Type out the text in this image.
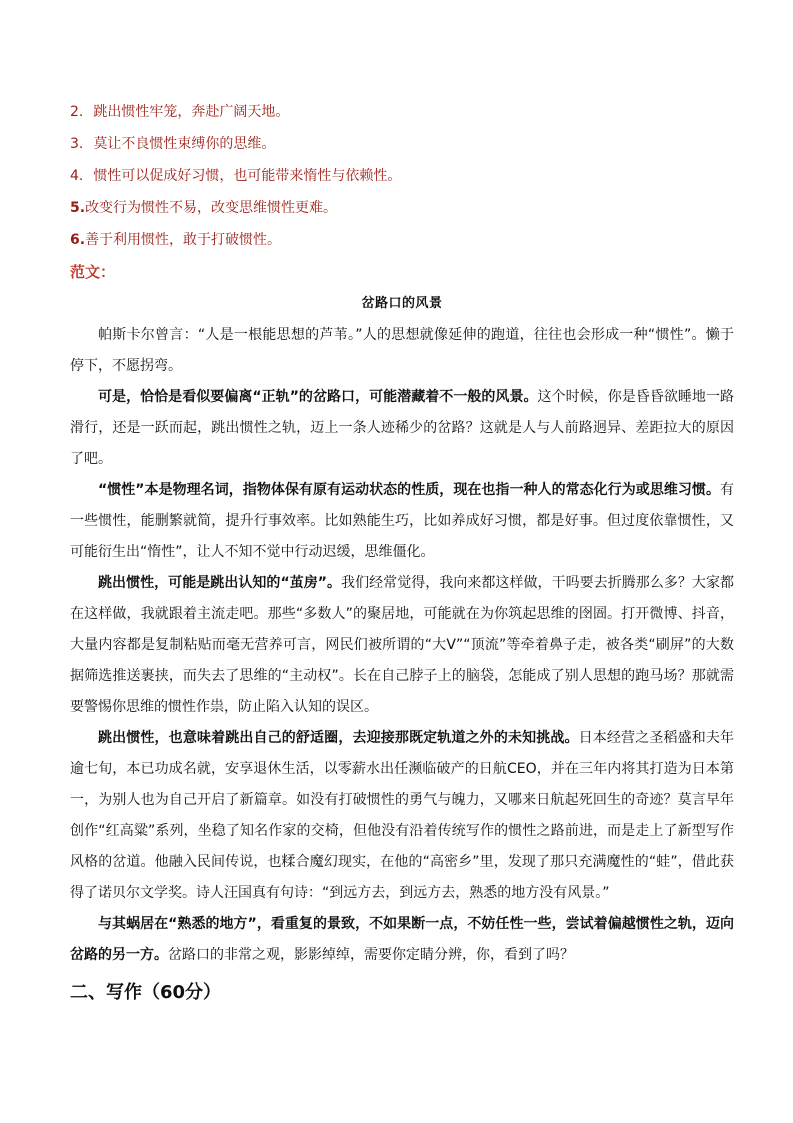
2. 跳出惯性牢笼，奔赴广阔天地。
3. 莫让不良惯性束缚你的思维。
4. 惯性可以促成好习惯，也可能带来惰性与依赖性。
5.改变行为惯性不易，改变思维惯性更难。
6.善于利用惯性，敢于打破惯性。
范文：
岔路口的风景

帕斯卡尔曾言：“人是一根能思想的芦苇。”人的思想就像延伸的跑道，往往也会形成一种“惯性”。懒于停下，不愿拐弯。

可是，恰恰是看似要偏离“正轨”的岔路口，可能潜藏着不一般的风景。这个时候，你是昏昏欲睡地一路滑行，还是一跃而起，跳出惯性之轨，迈上一条人迹稀少的岔路？这就是人与人前路迥异、差距拉大的原因了吧。

“惯性”本是物理名词，指物体保有原有运动状态的性质，现在也指一种人的常态化行为或思维习惯。有一些惯性，能删繁就简，提升行事效率。比如熟能生巧，比如养成好习惯，都是好事。但过度依靠惯性，又可能衍生出“惰性”，让人不知不觉中行动迟缓，思维僵化。

跳出惯性，可能是跳出认知的“茧房”。我们经常觉得，我向来都这样做，干吗要去折腾那么多？大家都在这样做，我就跟着主流走吧。那些“多数人”的聚居地，可能就在为你筑起思维的囹圄。打开微博、抖音，大量内容都是复制粘贴而毫无营养可言，网民们被所谓的“大V”“顶流”等牵着鼻子走，被各类“刷屏”的大数据筛选推送裹挟，而失去了思维的“主动权”。长在自己脖子上的脑袋，怎能成了别人思想的跑马场？那就需要警惕你思维的惯性作祟，防止陷入认知的误区。

跳出惯性，也意味着跳出自己的舒适圈，去迎接那既定轨道之外的未知挑战。日本经营之圣稻盛和夫年逾七旬，本已功成名就，安享退休生活，以零薪水出任濒临破产的日航CEO，并在三年内将其打造为日本第一，为别人也为自己开启了新篇章。如没有打破惯性的勇气与魄力，又哪来日航起死回生的奇迹？莫言早年创作“红高粱”系列，坐稳了知名作家的交椅，但他没有沿着传统写作的惯性之路前进，而是走上了新型写作风格的岔道。他融入民间传说，也糅合魔幻现实，在他的“高密乡”里，发现了那只充满魔性的“蛙”，借此获得了诺贝尔文学奖。诗人汪国真有句诗：“到远方去，到远方去，熟悉的地方没有风景。”

与其蜗居在“熟悉的地方”，看重复的景致，不如果断一点，不妨任性一些，尝试着偏越惯性之轨，迈向岔路的另一方。岔路口的非常之观，影影绰绰，需要你定睛分辨，你，看到了吗？

二、写作（60分）
